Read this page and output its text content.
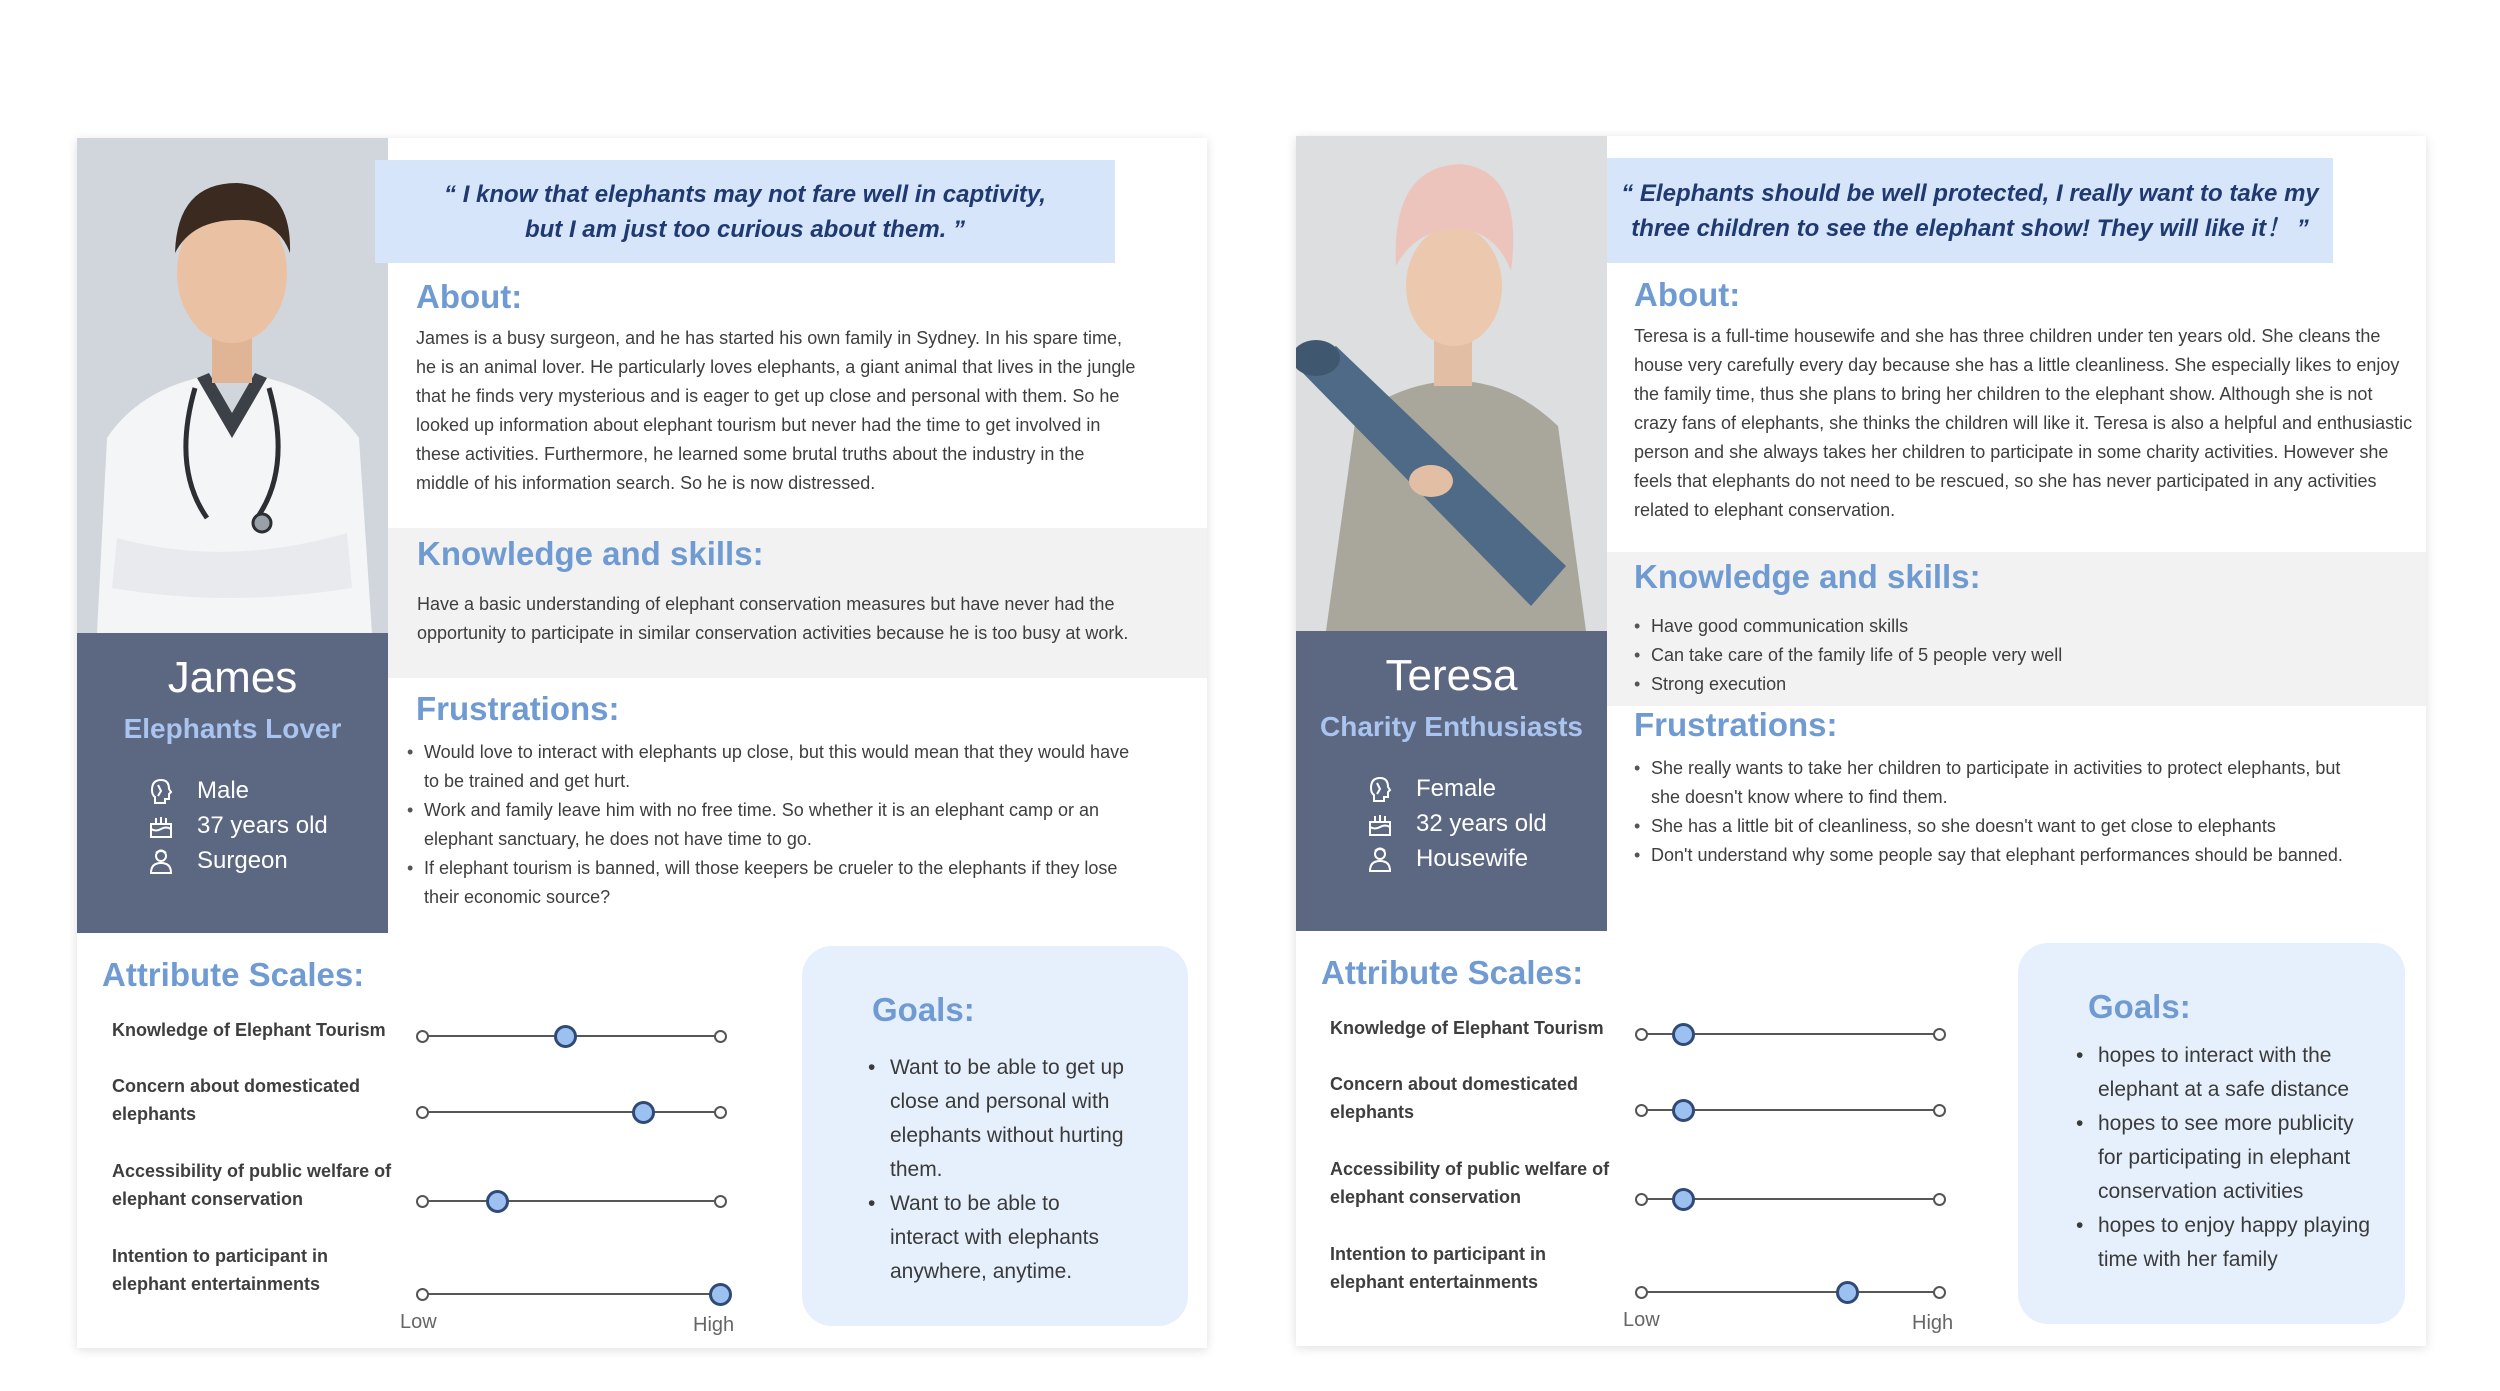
James
Elephants Lover
Male
37 years old
Surgeon
“ I know that elephants may not fare well in captivity,
but I am just too curious about them. ”
About:
James is a busy surgeon, and he has started his own family in Sydney. In his spare time, he is an animal lover. He particularly loves elephants, a giant animal that lives in the jungle that he finds very mysterious and is eager to get up close and personal with them. So he looked up information about elephant tourism but never had the time to get involved in these activities. Furthermore, he learned some brutal truths about the industry in the middle of his information search. So he is now distressed.
Knowledge and skills:
Have a basic understanding of elephant conservation measures but have never had the opportunity to participate in similar conservation activities because he is too busy at work.
Frustrations:
• Would love to interact with elephants up close, but this would mean that they would have to be trained and get hurt.
• Work and family leave him with no free time. So whether it is an elephant camp or an elephant sanctuary, he does not have time to go.
• If elephant tourism is banned, will those keepers be crueler to the elephants if they lose their economic source?
Attribute Scales:
Knowledge of Elephant Tourism
Concern about domesticated elephants
Accessibility of public welfare of elephant conservation
Intention to participant in elephant entertainments
Low	High
Goals:
• Want to be able to get up close and personal with elephants without hurting them.
• Want to be able to interact with elephants anywhere, anytime.
Teresa
Charity Enthusiasts
Female
32 years old
Housewife
“ Elephants should be well protected, I really want to take my
three children to see the elephant show! They will like it！ ”
About:
Teresa is a full-time housewife and she has three children under ten years old. She cleans the house very carefully every day because she has a little cleanliness. She especially likes to enjoy the family time, thus she plans to bring her children to the elephant show. Although she is not crazy fans of elephants, she thinks the children will like it. Teresa is also a helpful and enthusiastic person and she always takes her children to participate in some charity activities. However she feels that elephants do not need to be rescued, so she has never participated in any activities related to elephant conservation.
Knowledge and skills:
• Have good communication skills
• Can take care of the family life of 5 people very well
• Strong execution
Frustrations:
• She really wants to take her children to participate in activities to protect elephants, but she doesn't know where to find them.
• She has a little bit of cleanliness, so she doesn't want to get close to elephants
• Don't understand why some people say that elephant performances should be banned.
Attribute Scales:
Knowledge of Elephant Tourism
Concern about domesticated elephants
Accessibility of public welfare of elephant conservation
Intention to participant in elephant entertainments
Low	High
Goals:
• hopes to interact with the elephant at a safe distance
• hopes to see more publicity for participating in elephant conservation activities
• hopes to enjoy happy playing time with her family
